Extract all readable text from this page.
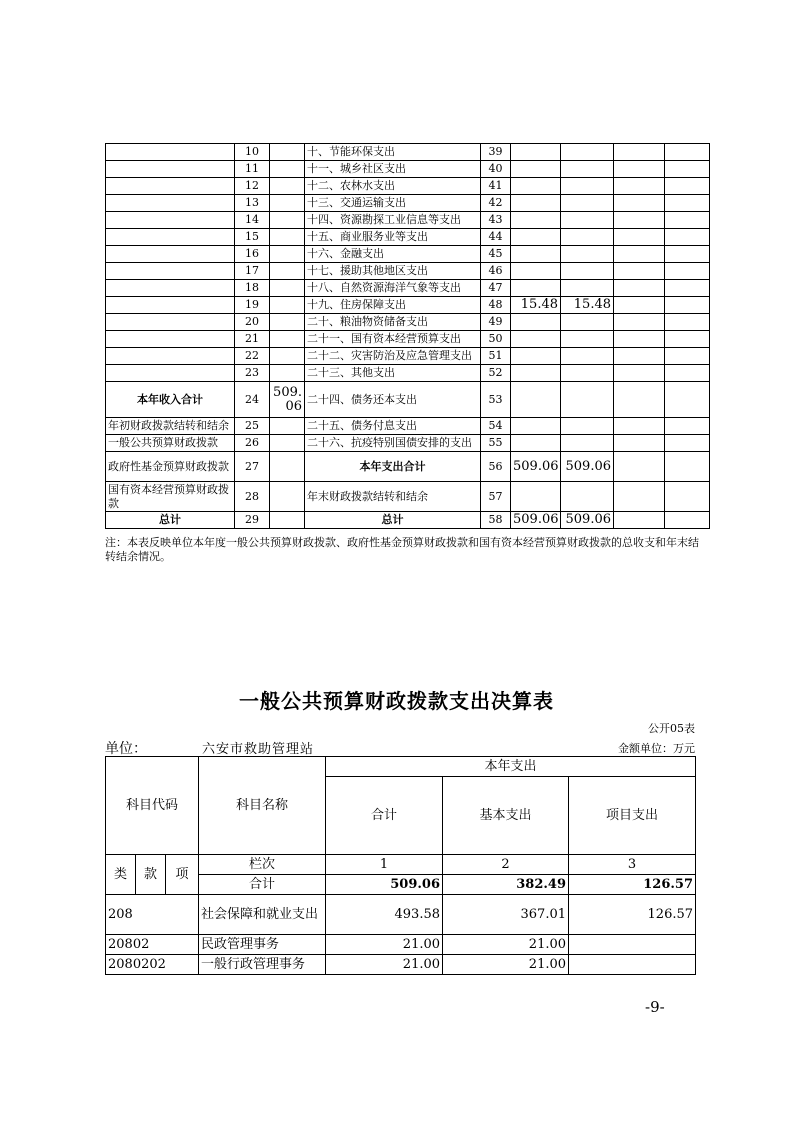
	10		十、节能环保支出	39				
	11		十一、城乡社区支出	40				
	12		十二、农林水支出	41				
	13		十三、交通运输支出	42				
	14		十四、资源勘探工业信息等支出	43				
	15		十五、商业服务业等支出	44				
	16		十六、金融支出	45				
	17		十七、援助其他地区支出	46				
	18		十八、自然资源海洋气象等支出	47				
	19		十九、住房保障支出	48	15.48	15.48		
	20		二十、粮油物资储备支出	49				
	21		二十一、国有资本经营预算支出	50				
	22		二十二、灾害防治及应急管理支出	51				
	23		二十三、其他支出	52				
本年收入合计	24	509.06	二十四、债务还本支出	53				
年初财政拨款结转和结余	25		二十五、债务付息支出	54				
一般公共预算财政拨款	26		二十六、抗疫特别国债安排的支出	55				
政府性基金预算财政拨款	27		本年支出合计	56	509.06	509.06		
国有资本经营预算财政拨款	28		年末财政拨款结转和结余	57				
总计	29		总计	58	509.06	509.06		
注：本表反映单位本年度一般公共预算财政拨款、政府性基金预算财政拨款和国有资本经营预算财政拨款的总收支和年末结转结余情况。
一般公共预算财政拨款支出决算表
公开05表
单位：	六安市救助管理站	金额单位：万元
科目代码			科目名称	本年支出		
				合计	基本支出	项目支出
类	款	项	栏次	1	2	3
			合计	509.06	382.49	126.57
208			社会保障和就业支出	493.58	367.01	126.57
20802			民政管理事务	21.00	21.00	
2080202			一般行政管理事务	21.00	21.00	
-9-
